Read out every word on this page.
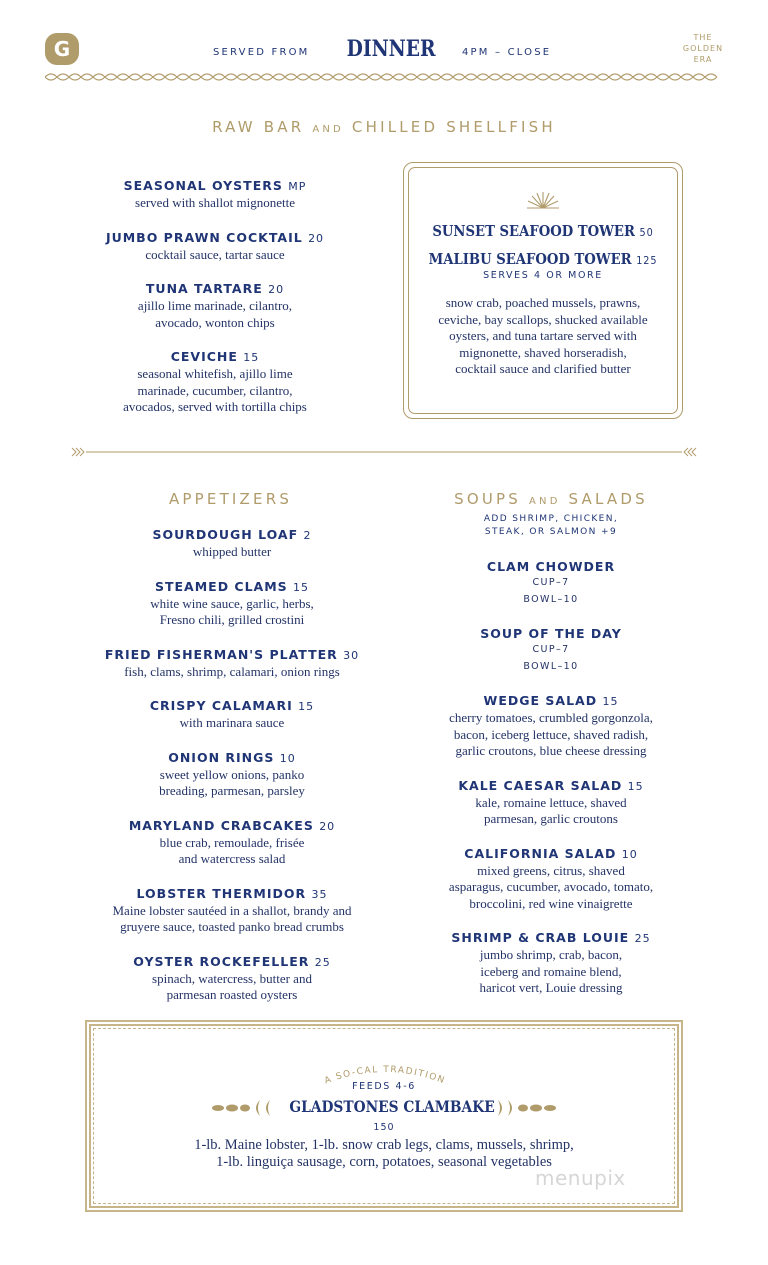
G	SERVED FROM DINNER	4PM – CLOSE
THE
GOLDEN
ERA
RAW BAR AND CHILLED SHELLFISH
SEASONAL OYSTERS MP
served with shallot mignonette
JUMBO PRAWN COCKTAIL 20
cocktail sauce, tartar sauce
TUNA TARTARE 20
ajillo lime marinade, cilantro,
avocado, wonton chips
CEVICHE 15
seasonal whitefish, ajillo lime
marinade, cucumber, cilantro,
avocados, served with tortilla chips
SUNSET SEAFOOD TOWER 50
MALIBU SEAFOOD TOWER 125
SERVES 4 OR MORE
snow crab, poached mussels, prawns,
ceviche, bay scallops, shucked available
oysters, and tuna tartare served with
mignonette, shaved horseradish,
cocktail sauce and clarified butter
APPETIZERS
SOURDOUGH LOAF 2
whipped butter
STEAMED CLAMS 15
white wine sauce, garlic, herbs,
Fresno chili, grilled crostini
FRIED FISHERMAN'S PLATTER 30
fish, clams, shrimp, calamari, onion rings
CRISPY CALAMARI 15
with marinara sauce
ONION RINGS 10
sweet yellow onions, panko
breading, parmesan, parsley
MARYLAND CRABCAKES 20
blue crab, remoulade, frisée
and watercress salad
LOBSTER THERMIDOR 35
Maine lobster sautéed in a shallot, brandy and
gruyere sauce, toasted panko bread crumbs
OYSTER ROCKEFELLER 25
spinach, watercress, butter and
parmesan roasted oysters
SOUPS AND SALADS
ADD SHRIMP, CHICKEN,
STEAK, OR SALMON +9
CLAM CHOWDER
CUP–7
BOWL–10
SOUP OF THE DAY
CUP–7
BOWL–10
WEDGE SALAD 15
cherry tomatoes, crumbled gorgonzola,
bacon, iceberg lettuce, shaved radish,
garlic croutons, blue cheese dressing
KALE CAESAR SALAD 15
kale, romaine lettuce, shaved
parmesan, garlic croutons
CALIFORNIA SALAD 10
mixed greens, citrus, shaved
asparagus, cucumber, avocado, tomato,
broccolini, red wine vinaigrette
SHRIMP & CRAB LOUIE 25
jumbo shrimp, crab, bacon,
iceberg and romaine blend,
haricot vert, Louie dressing
A SO-CAL TRADITION
FEEDS 4-6
GLADSTONES CLAMBAKE
150
1-lb. Maine lobster, 1-lb. snow crab legs, clams, mussels, shrimp,
1-lb. linguiça sausage, corn, potatoes, seasonal vegetables
menupix
